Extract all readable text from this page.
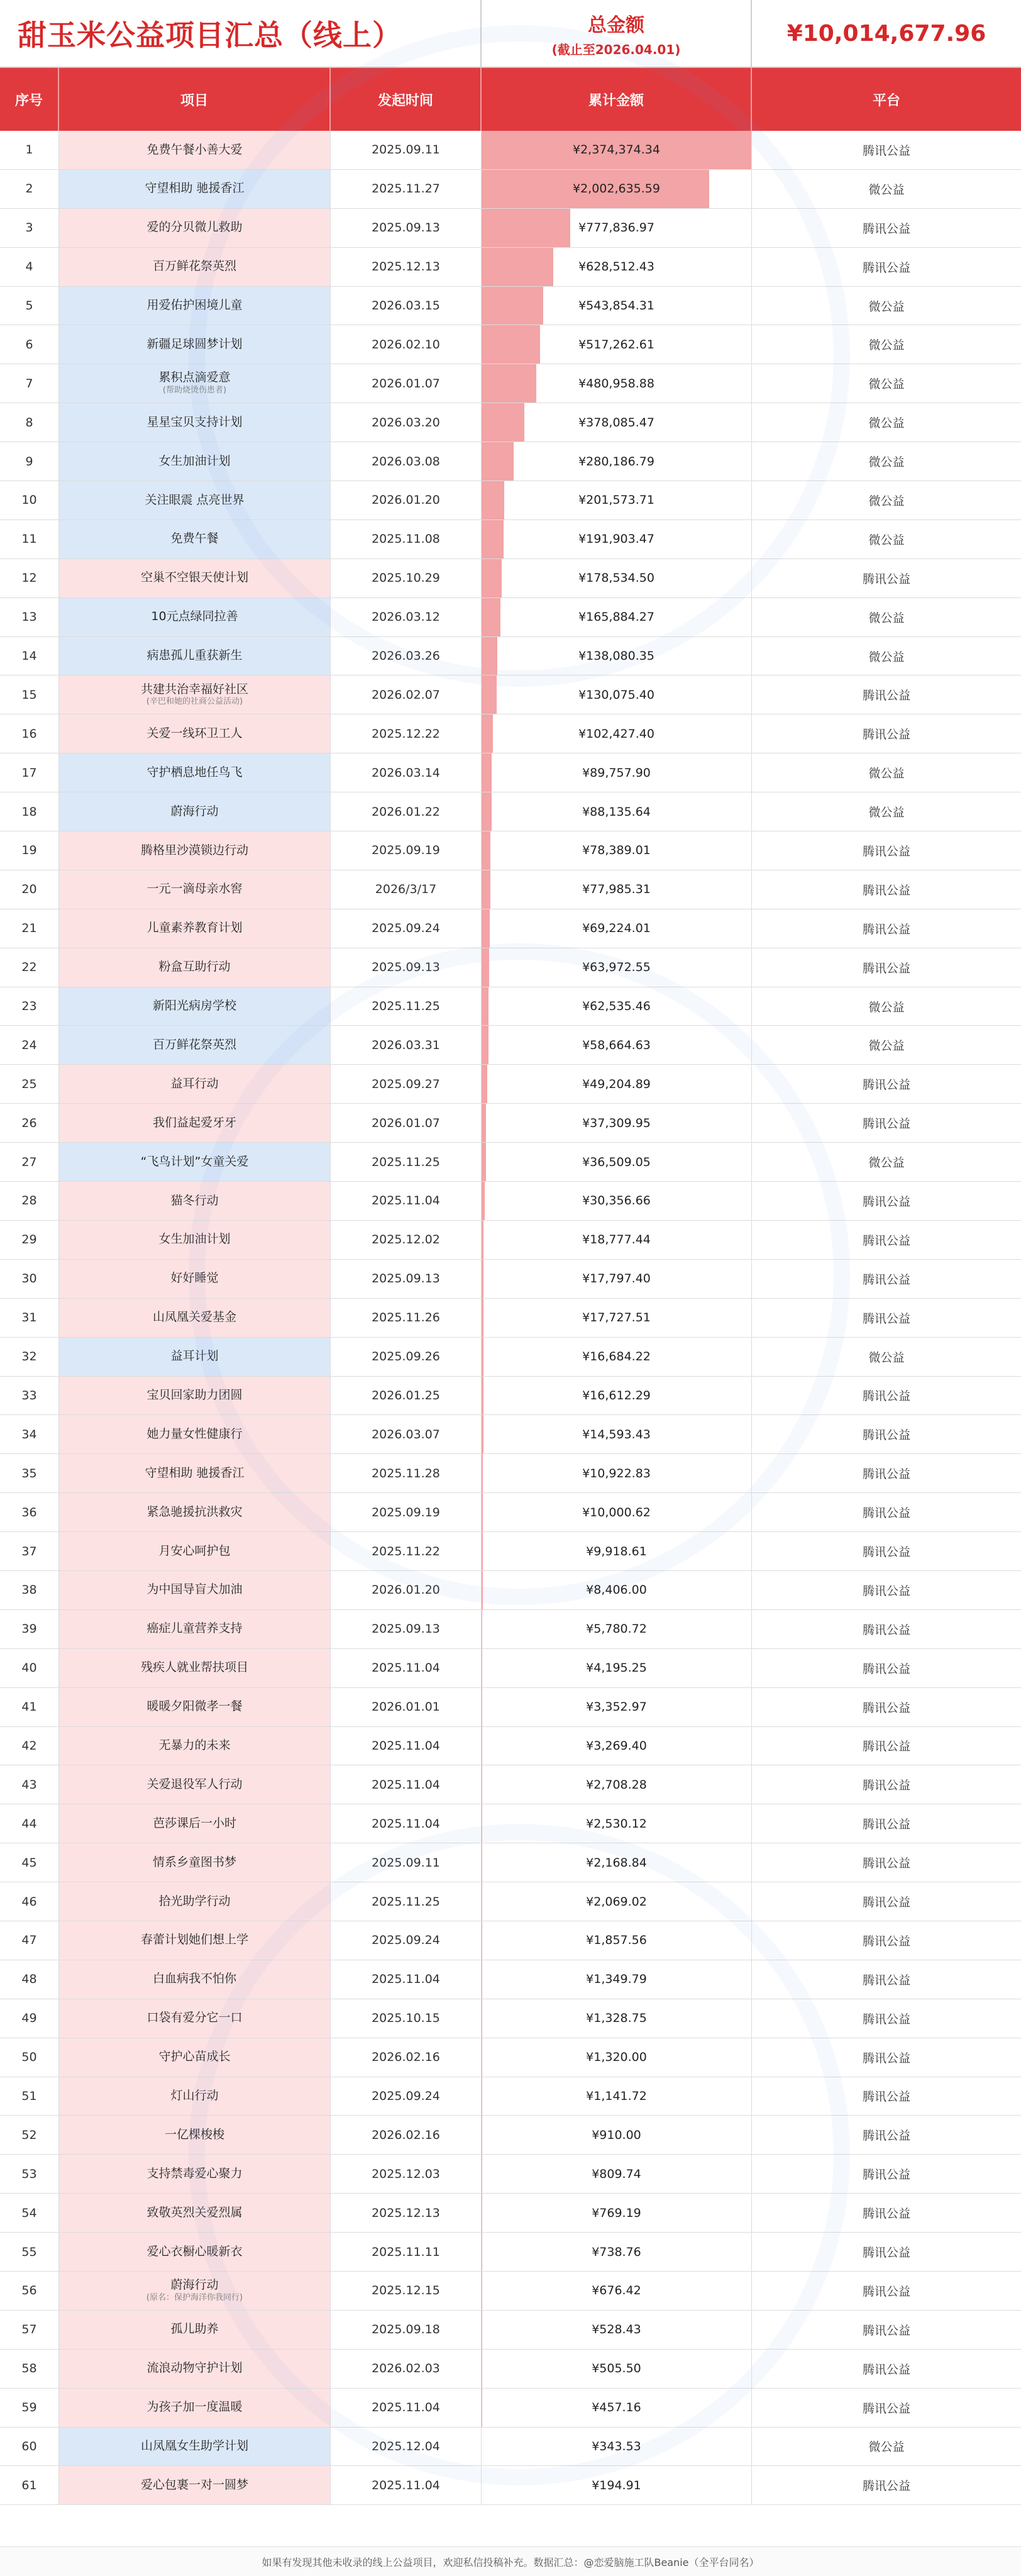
甜玉米公益项目汇总（线上）	总金额
(截止至2026.04.01)
¥10,014,677.96
序号	项目	发起时间	累计金额	平台
1	免费午餐小善大爱	2025.09.11	¥2,374,374.34	腾讯公益
2	守望相助 驰援香江	2025.11.27	¥2,002,635.59	微公益
3	爱的分贝微儿救助	2025.09.13	¥777,836.97	腾讯公益
4	百万鲜花祭英烈	2025.12.13	¥628,512.43	腾讯公益
5	用爱佑护困境儿童	2026.03.15	¥543,854.31	微公益
6	新疆足球圆梦计划	2026.02.10	¥517,262.61	微公益
7	累积点滴爱意
(帮助烧烫伤患者)	2026.01.07	¥480,958.88	微公益
8	星星宝贝支持计划	2026.03.20	¥378,085.47	微公益
9	女生加油计划	2026.03.08	¥280,186.79	微公益
10	关注眼震 点亮世界	2026.01.20	¥201,573.71	微公益
11	免费午餐	2025.11.08	¥191,903.47	微公益
12	空巢不空银天使计划	2025.10.29	¥178,534.50	腾讯公益
13	10元点绿同拉善	2026.03.12	¥165,884.27	微公益
14	病患孤儿重获新生	2026.03.26	¥138,080.35	微公益
15	共建共治幸福好社区
(辛巴和她的社商公益活动)	2026.02.07	¥130,075.40	腾讯公益
16	关爱一线环卫工人	2025.12.22	¥102,427.40	腾讯公益
17	守护栖息地任鸟飞	2026.03.14	¥89,757.90	微公益
18	蔚海行动	2026.01.22	¥88,135.64	微公益
19	腾格里沙漠锁边行动	2025.09.19	¥78,389.01	腾讯公益
20	一元一滴母亲水窖	2026/3/17	¥77,985.31	腾讯公益
21	儿童素养教育计划	2025.09.24	¥69,224.01	腾讯公益
22	粉盒互助行动	2025.09.13	¥63,972.55	腾讯公益
23	新阳光病房学校	2025.11.25	¥62,535.46	微公益
24	百万鲜花祭英烈	2026.03.31	¥58,664.63	微公益
25	益耳行动	2025.09.27	¥49,204.89	腾讯公益
26	我们益起爱牙牙	2026.01.07	¥37,309.95	腾讯公益
27	“飞鸟计划”女童关爱	2025.11.25	¥36,509.05	微公益
28	猫冬行动	2025.11.04	¥30,356.66	腾讯公益
29	女生加油计划	2025.12.02	¥18,777.44	腾讯公益
30	好好睡觉	2025.09.13	¥17,797.40	腾讯公益
31	山凤凰关爱基金	2025.11.26	¥17,727.51	腾讯公益
32	益耳计划	2025.09.26	¥16,684.22	微公益
33	宝贝回家助力团圆	2026.01.25	¥16,612.29	腾讯公益
34	她力量女性健康行	2026.03.07	¥14,593.43	腾讯公益
35	守望相助 驰援香江	2025.11.28	¥10,922.83	腾讯公益
36	紧急驰援抗洪救灾	2025.09.19	¥10,000.62	腾讯公益
37	月安心呵护包	2025.11.22	¥9,918.61	腾讯公益
38	为中国导盲犬加油	2026.01.20	¥8,406.00	腾讯公益
39	癌症儿童营养支持	2025.09.13	¥5,780.72	腾讯公益
40	残疾人就业帮扶项目	2025.11.04	¥4,195.25	腾讯公益
41	暖暖夕阳微孝一餐	2026.01.01	¥3,352.97	腾讯公益
42	无暴力的未来	2025.11.04	¥3,269.40	腾讯公益
43	关爱退役军人行动	2025.11.04	¥2,708.28	腾讯公益
44	芭莎课后一小时	2025.11.04	¥2,530.12	腾讯公益
45	情系乡童图书梦	2025.09.11	¥2,168.84	腾讯公益
46	拾光助学行动	2025.11.25	¥2,069.02	腾讯公益
47	春蕾计划她们想上学	2025.09.24	¥1,857.56	腾讯公益
48	白血病我不怕你	2025.11.04	¥1,349.79	腾讯公益
49	口袋有爱分它一口	2025.10.15	¥1,328.75	腾讯公益
50	守护心苗成长	2026.02.16	¥1,320.00	腾讯公益
51	灯山行动	2025.09.24	¥1,141.72	腾讯公益
52	一亿棵梭梭	2026.02.16	¥910.00	腾讯公益
53	支持禁毒爱心聚力	2025.12.03	¥809.74	腾讯公益
54	致敬英烈关爱烈属	2025.12.13	¥769.19	腾讯公益
55	爱心衣橱心暖新衣	2025.11.11	¥738.76	腾讯公益
56	蔚海行动
(原名：保护海洋你我同行)	2025.12.15	¥676.42	腾讯公益
57	孤儿助养	2025.09.18	¥528.43	腾讯公益
58	流浪动物守护计划	2026.02.03	¥505.50	腾讯公益
59	为孩子加一度温暖	2025.11.04	¥457.16	腾讯公益
60	山凤凰女生助学计划	2025.12.04	¥343.53	微公益
61	爱心包裹一对一圆梦	2025.11.04	¥194.91	腾讯公益
如果有发现其他未收录的线上公益项目，欢迎私信投稿补充。数据汇总：@恋爱脑施工队Beanie（全平台同名）
